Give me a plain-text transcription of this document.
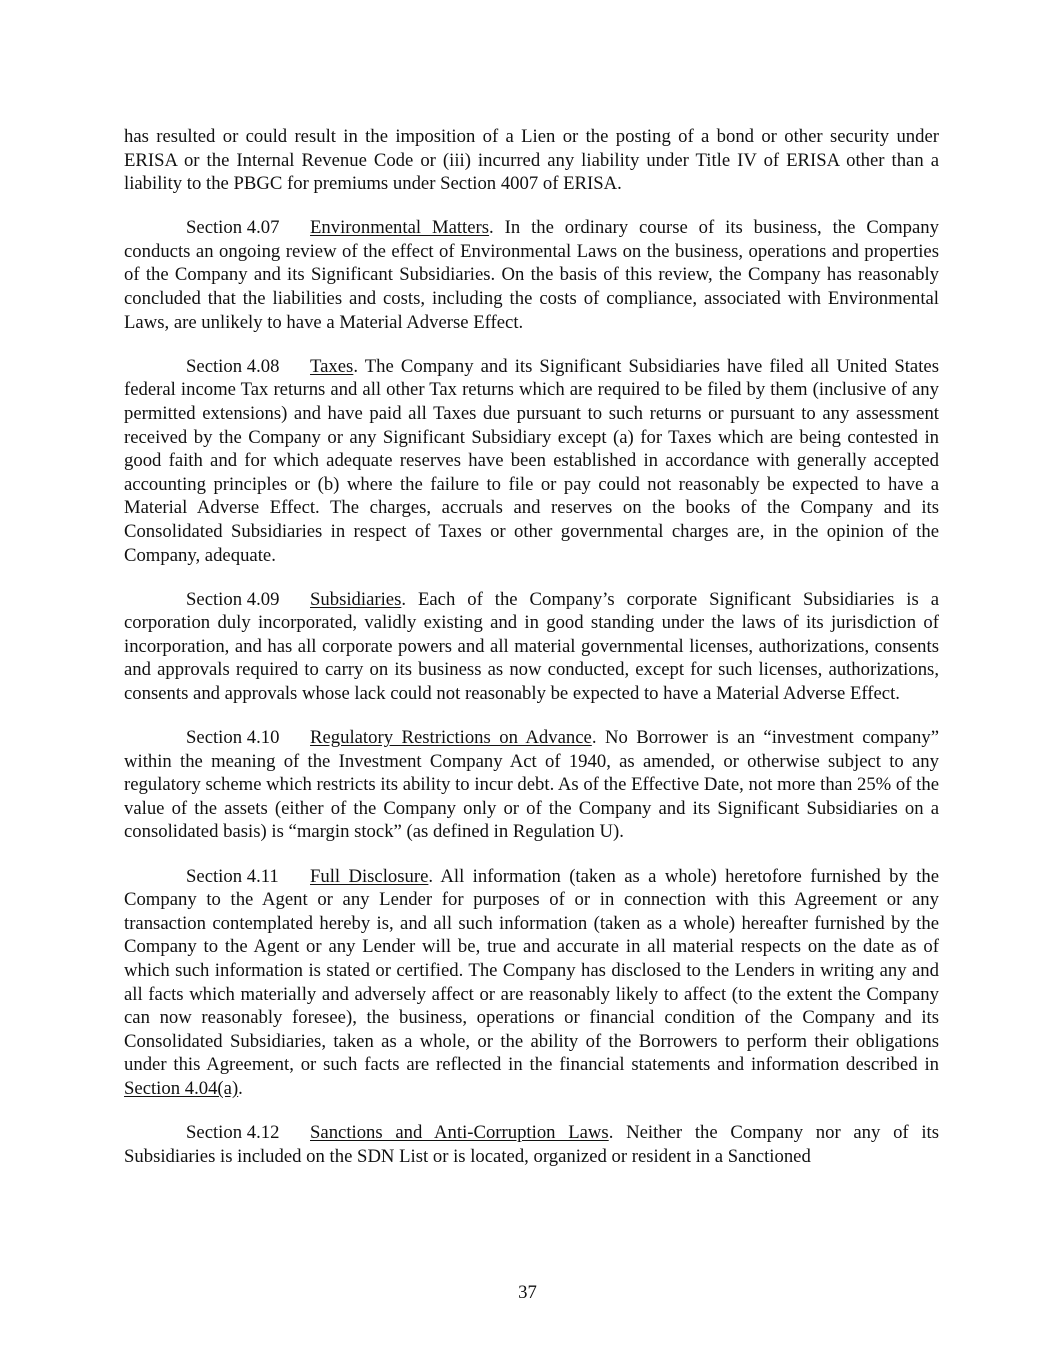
has resulted or could result in the imposition of a Lien or the posting of a bond or other security under ERISA or the Internal Revenue Code or (iii) incurred any liability under Title IV of ERISA other than a liability to the PBGC for premiums under Section 4007 of ERISA.

Section 4.07 Environmental Matters. In the ordinary course of its business, the Company conducts an ongoing review of the effect of Environmental Laws on the business, operations and properties of the Company and its Significant Subsidiaries. On the basis of this review, the Company has reasonably concluded that the liabilities and costs, including the costs of compliance, associated with Environmental Laws, are unlikely to have a Material Adverse Effect.

Section 4.08 Taxes. The Company and its Significant Subsidiaries have filed all United States federal income Tax returns and all other Tax returns which are required to be filed by them (inclusive of any permitted extensions) and have paid all Taxes due pursuant to such returns or pursuant to any assessment received by the Company or any Significant Subsidiary except (a) for Taxes which are being contested in good faith and for which adequate reserves have been established in accordance with generally accepted accounting principles or (b) where the failure to file or pay could not reasonably be expected to have a Material Adverse Effect. The charges, accruals and reserves on the books of the Company and its Consolidated Subsidiaries in respect of Taxes or other governmental charges are, in the opinion of the Company, adequate.

Section 4.09 Subsidiaries. Each of the Company’s corporate Significant Subsidiaries is a corporation duly incorporated, validly existing and in good standing under the laws of its jurisdiction of incorporation, and has all corporate powers and all material governmental licenses, authorizations, consents and approvals required to carry on its business as now conducted, except for such licenses, authorizations, consents and approvals whose lack could not reasonably be expected to have a Material Adverse Effect.

Section 4.10 Regulatory Restrictions on Advance. No Borrower is an “investment company” within the meaning of the Investment Company Act of 1940, as amended, or otherwise subject to any regulatory scheme which restricts its ability to incur debt. As of the Effective Date, not more than 25% of the value of the assets (either of the Company only or of the Company and its Significant Subsidiaries on a consolidated basis) is “margin stock” (as defined in Regulation U).

Section 4.11 Full Disclosure. All information (taken as a whole) heretofore furnished by the Company to the Agent or any Lender for purposes of or in connection with this Agreement or any transaction contemplated hereby is, and all such information (taken as a whole) hereafter furnished by the Company to the Agent or any Lender will be, true and accurate in all material respects on the date as of which such information is stated or certified. The Company has disclosed to the Lenders in writing any and all facts which materially and adversely affect or are reasonably likely to affect (to the extent the Company can now reasonably foresee), the business, operations or financial condition of the Company and its Consolidated Subsidiaries, taken as a whole, or the ability of the Borrowers to perform their obligations under this Agreement, or such facts are reflected in the financial statements and information described in Section 4.04(a).

Section 4.12 Sanctions and Anti-Corruption Laws. Neither the Company nor any of its Subsidiaries is included on the SDN List or is located, organized or resident in a Sanctioned

37
